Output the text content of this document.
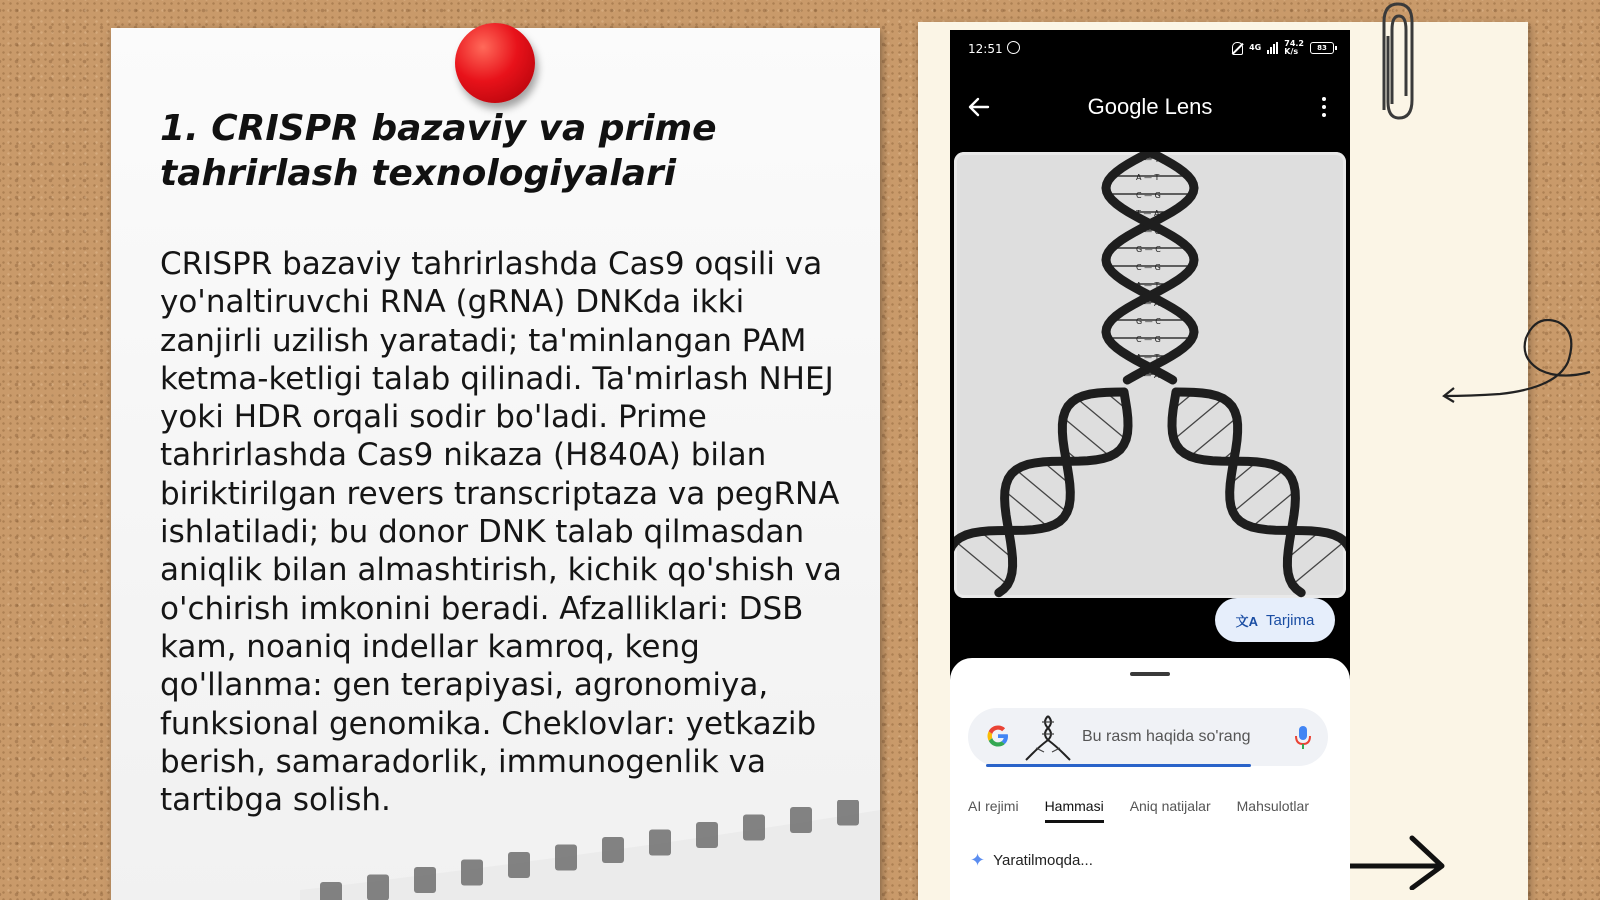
1. CRISPR bazaviy va prime tahrirlash texnologiyalari
CRISPR bazaviy tahrirlashda Cas9 oqsili va yo'naltiruvchi RNA (gRNA) DNKda ikki zanjirli uzilish yaratadi; ta'minlangan PAM ketma-ketligi talab qilinadi. Ta'mirlash NHEJ yoki HDR orqali sodir bo'ladi. Prime tahrirlashda Cas9 nikaza (H840A) bilan biriktirilgan revers transcriptaza va pegRNA ishlatiladi; bu donor DNK talab qilmasdan aniqlik bilan almashtirish, kichik qo'shish va o'chirish imkonini beradi. Afzalliklari: DSB kam, noaniq indellar kamroq, keng qo'llanma: gen terapiyasi, agronomiya, funksional genomika. Cheklovlar: yetkazib berish, samaradorlik, immunogenlik va tartibga solish.
12:51	4G	74.2
K/s	83
Google Lens
A — T
A — T
C — G
T — A
C — G
G — C
C — G
A — T
T — A
G — C
C — G
A — T
T — A
文A Tarjima
Bu rasm haqida so'rang
AI rejimi Hammasi Aniq natijalar Mahsulotlar
✦ Yaratilmoqda...
